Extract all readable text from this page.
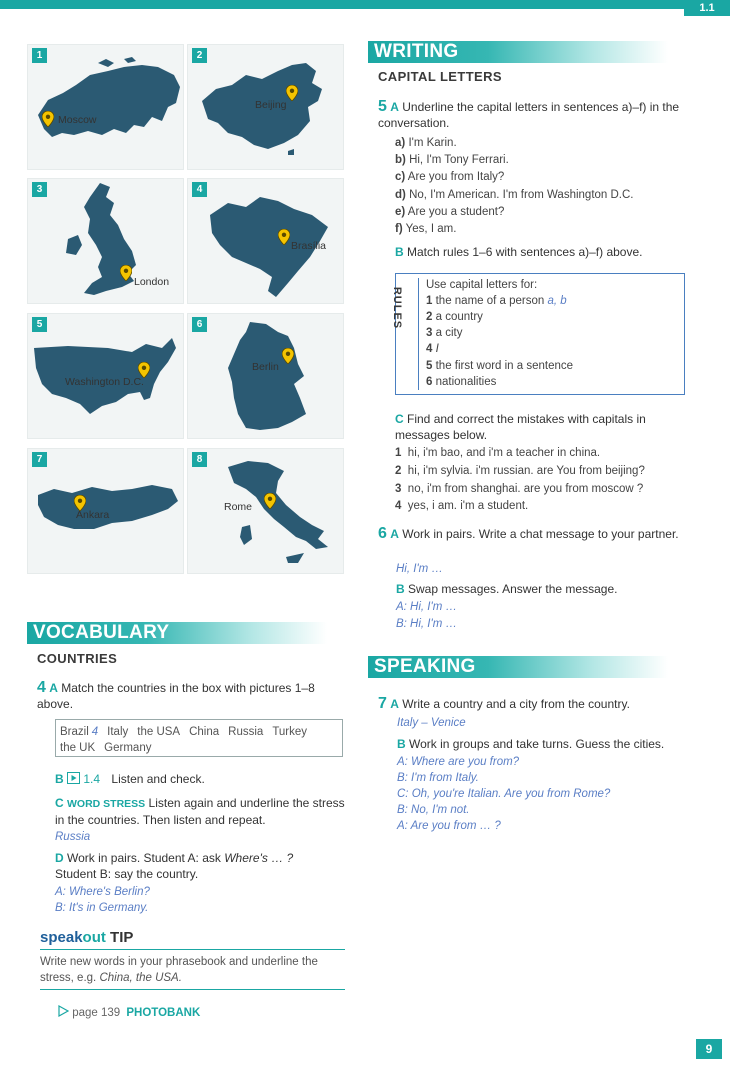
1.1
1
Moscow
2
Beijing
3
London
4
Brasília
5
Washington D.C.
6
Berlin
7
Ankara
8
Rome
VOCABULARY
COUNTRIES
4 A Match the countries in the box with pictures 1–8 above.
Brazil 4 Italy the USA China Russia Turkey
the UK Germany
B 1.4 Listen and check.
C WORD STRESS Listen again and underline the stress in the countries. Then listen and repeat.
Russia
D Work in pairs. Student A: ask Where's … ?
Student B: say the country.
A: Where's Berlin?
B: It's in Germany.
speakout TIP
Write new words in your phrasebook and underline the stress, e.g. China, the USA.
page 139 PHOTOBANK
WRITING
CAPITAL LETTERS
5 A Underline the capital letters in sentences a)–f) in the conversation.
a) I'm Karin.
b) Hi, I'm Tony Ferrari.
c) Are you from Italy?
d) No, I'm American. I'm from Washington D.C.
e) Are you a student?
f) Yes, I am.
B Match rules 1–6 with sentences a)–f) above.
RULES
Use capital letters for:
1 the name of a person a, b
2 a country
3 a city
4 I
5 the first word in a sentence
6 nationalities
C Find and correct the mistakes with capitals in messages below.
1 hi, i'm bao, and i'm a teacher in china.
2 hi, i'm sylvia. i'm russian. are You from beijing?
3 no, i'm from shanghai. are you from moscow ?
4 yes, i am. i'm a student.
6 A Work in pairs. Write a chat message to your partner.
Hi, I'm …
B Swap messages. Answer the message.
A: Hi, I'm …
B: Hi, I'm …
SPEAKING
7 A Write a country and a city from the country.
Italy – Venice
B Work in groups and take turns. Guess the cities.
A: Where are you from?
B: I'm from Italy.
C: Oh, you're Italian. Are you from Rome?
B: No, I'm not.
A: Are you from … ?
9
